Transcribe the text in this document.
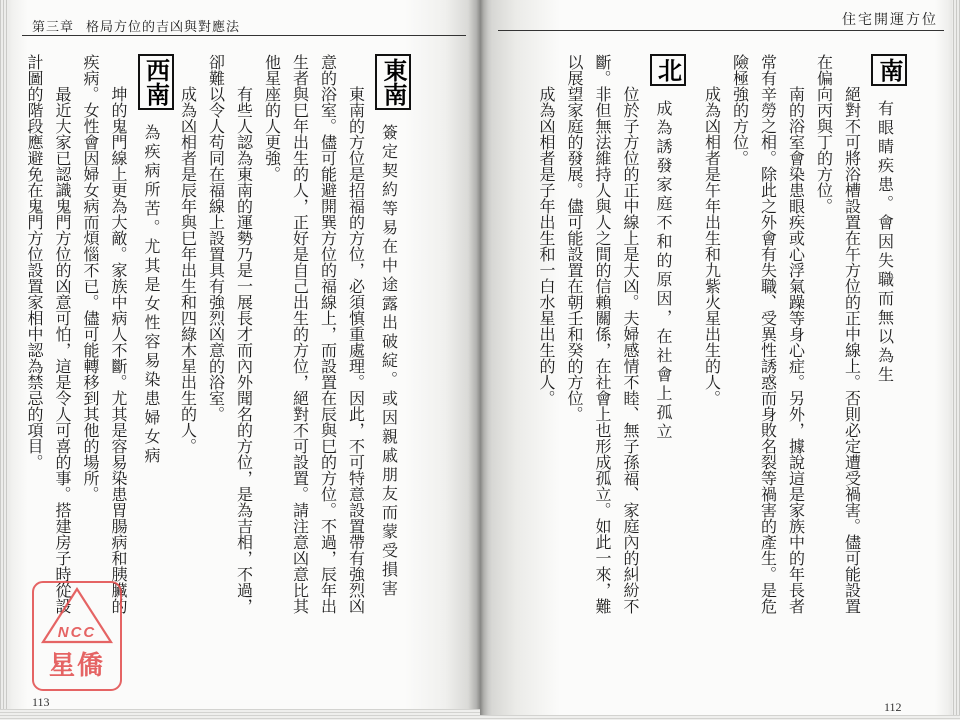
第三章 格局方位的吉凶與對應法
東南簽定契約等易在中途露出破綻。或因親戚朋友而蒙受損害
東南的方位是招福的方位，必須慎重處理。因此，不可特意設置帶有強烈凶
意的浴室。儘可能避開巽方位的福線上，而設置在辰與巳的方位。不過，辰年出
生者與巳年出生的人，正好是自己出生的方位，絕對不可設置。請注意凶意比其
他星座的人更強。
有些人認為東南的運勢乃是一展長才而內外聞名的方位，是為吉相，不過，
卻難以令人苟同在福線上設置具有強烈凶意的浴室。
成為凶相者是辰年與巳年出生和四綠木星出生的人。
西南為疾病所苦。尤其是女性容易染患婦女病
坤的鬼門線上更為大敵。家族中病人不斷。尤其是容易染患胃腸病和胰臟的
疾病。女性會因婦女病而煩惱不已。儘可能轉移到其他的場所。
最近大家已認識鬼門方位的凶意可怕，這是令人可喜的事。搭建房子時從設
計圖的階段應避免在鬼門方位設置家相中認為禁忌的項目。
NCC
星僑
113
住宅開運方位
南有眼睛疾患。會因失職而無以為生
絕對不可將浴槽設置在午方位的正中線上。否則必定遭受禍害。儘可能設置
在偏向丙與丁的方位。
南的浴室會染患眼疾或心浮氣躁等身心症。另外，據說這是家族中的年長者
常有辛勞之相。除此之外會有失職、受異性誘惑而身敗名裂等禍害的產生。是危
險極強的方位。
成為凶相者是午年出生和九紫火星出生的人。
北成為誘發家庭不和的原因，在社會上孤立
位於子方位的正中線上是大凶。夫婦感情不睦、無子孫福、家庭內的糾紛不
斷。非但無法維持人與人之間的信賴關係，在社會上也形成孤立。如此一來，難
以展望家庭的發展。儘可能設置在朝壬和癸的方位。
成為凶相者是子年出生和一白水星出生的人。
112
